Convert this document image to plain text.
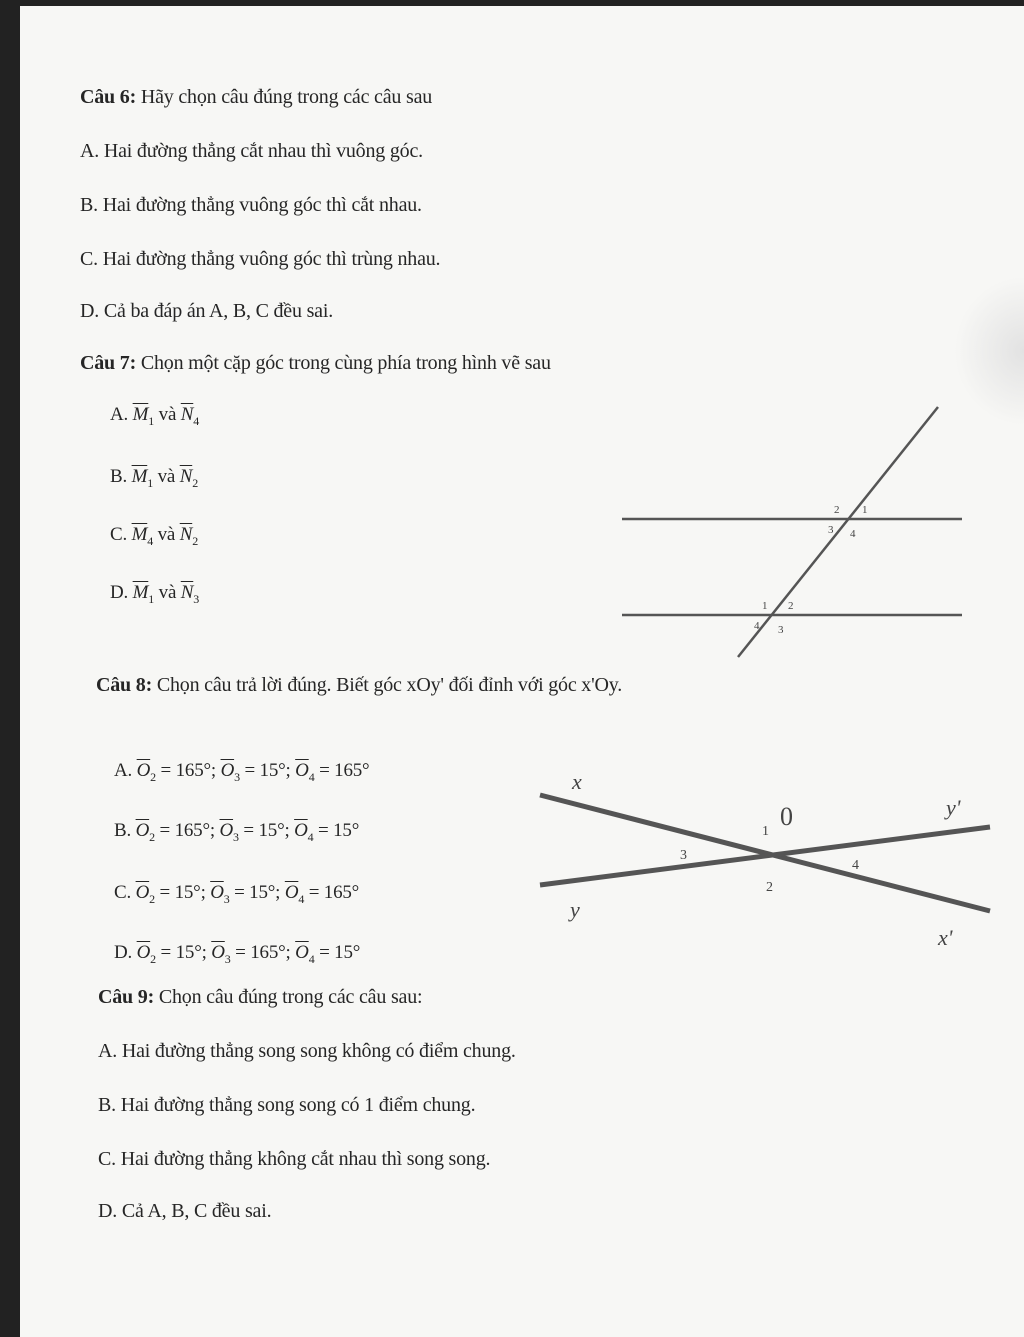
Câu 6: Hãy chọn câu đúng trong các câu sau
A. Hai đường thẳng cắt nhau thì vuông góc.
B. Hai đường thẳng vuông góc thì cắt nhau.
C. Hai đường thẳng vuông góc thì trùng nhau.
D. Cả ba đáp án A, B, C đều sai.
Câu 7: Chọn một cặp góc trong cùng phía trong hình vẽ sau
A. $\overline{M}_1$ và $\overline{N}_4$
B. $\overline{M}_1$ và $\overline{N}_2$
C. $\overline{M}_4$ và $\overline{N}_2$
D. $\overline{M}_1$ và $\overline{N}_3$
2 1
3 4
1 2
4 3
Câu 8: Chọn câu trả lời đúng. Biết góc xOy' đối đỉnh với góc x'Oy.
A. $\overline{O}_2 = 165^\circ$; $\overline{O}_3 = 15^\circ$; $\overline{O}_4 = 165^\circ$
B. $\overline{O}_2 = 165^\circ$; $\overline{O}_3 = 15^\circ$; $\overline{O}_4 = 15^\circ$
C. $\overline{O}_2 = 15^\circ$; $\overline{O}_3 = 15^\circ$; $\overline{O}_4 = 165^\circ$
D. $\overline{O}_2 = 15^\circ$; $\overline{O}_3 = 165^\circ$; $\overline{O}_4 = 15^\circ$
x
y
y'
x'
0
1
3
2
4
Câu 9: Chọn câu đúng trong các câu sau:
A. Hai đường thẳng song song không có điểm chung.
B. Hai đường thẳng song song có 1 điểm chung.
C. Hai đường thẳng không cắt nhau thì song song.
D. Cả A, B, C đều sai.
